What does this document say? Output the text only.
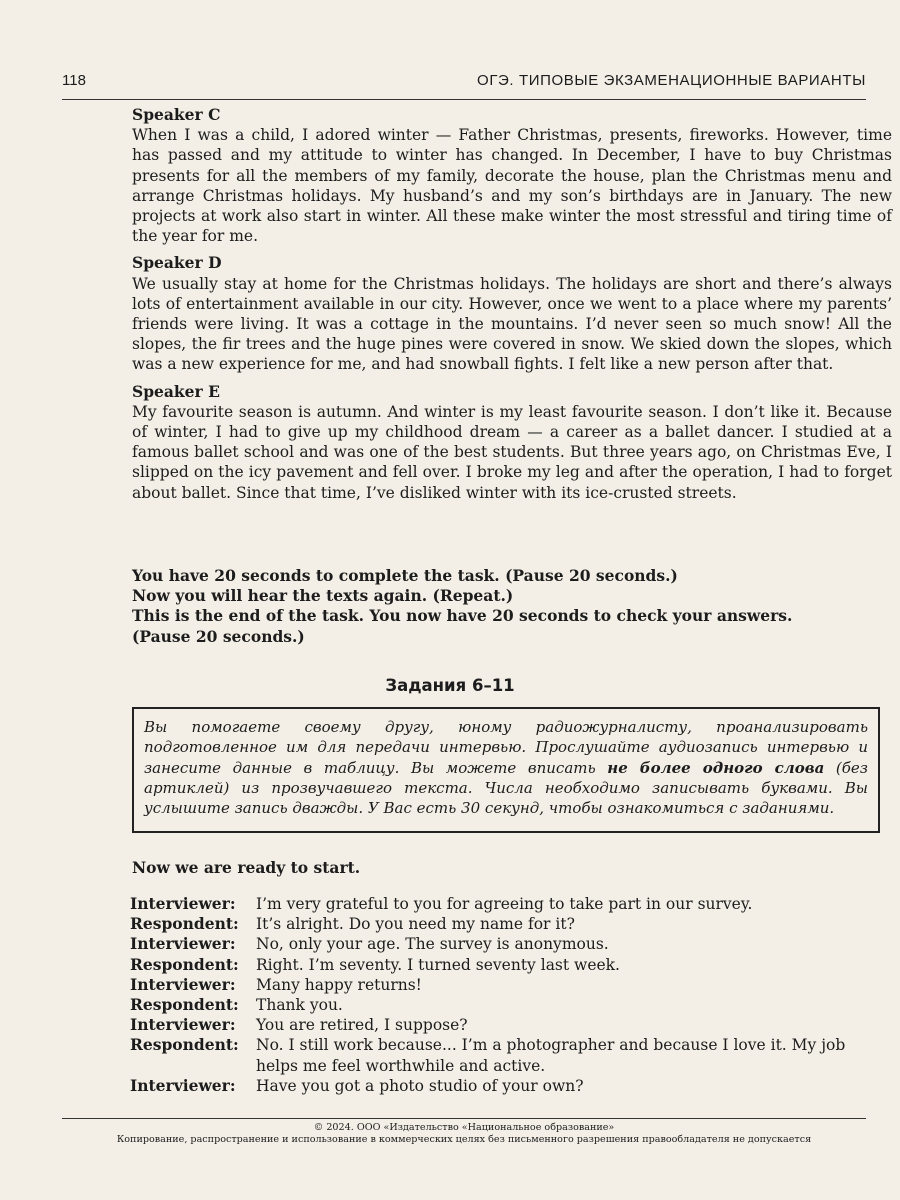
118	ОГЭ. ТИПОВЫЕ ЭКЗАМЕНАЦИОННЫЕ ВАРИАНТЫ
Speaker C
When I was a child, I adored winter — Father Christmas, presents, fireworks. However, time has passed and my attitude to winter has changed. In December, I have to buy Christmas presents for all the members of my family, decorate the house, plan the Christmas menu and arrange Christmas holidays. My husband’s and my son’s birthdays are in January. The new projects at work also start in winter. All these make winter the most stressful and tiring time of the year for me.
Speaker D
We usually stay at home for the Christmas holidays. The holidays are short and there’s always lots of entertainment available in our city. However, once we went to a place where my parents’ friends were living. It was a cottage in the mountains. I’d never seen so much snow! All the slopes, the fir trees and the huge pines were covered in snow. We skied down the slopes, which was a new experience for me, and had snowball fights. I felt like a new person after that.
Speaker E
My favourite season is autumn. And winter is my least favourite season. I don’t like it. Because of winter, I had to give up my childhood dream — a career as a ballet dancer. I studied at a famous ballet school and was one of the best students. But three years ago, on Christmas Eve, I slipped on the icy pavement and fell over. I broke my leg and after the operation, I had to forget about ballet. Since that time, I’ve disliked winter with its ice-crusted streets.
You have 20 seconds to complete the task. (Pause 20 seconds.)
Now you will hear the texts again. (Repeat.)
This is the end of the task. You now have 20 seconds to check your answers.
(Pause 20 seconds.)
Задания 6–11
Вы помогаете своему другу, юному радиожурналисту, проанализировать подготовленное им для передачи интервью. Прослушайте аудиозапись интервью и занесите данные в таблицу. Вы можете вписать не более одного слова (без артиклей) из прозвучавшего текста. Числа необходимо записывать буквами. Вы услышите запись дважды. У Вас есть 30 секунд, чтобы ознакомиться с заданиями.
Now we are ready to start.
Interviewer:	I’m very grateful to you for agreeing to take part in our survey.
Respondent:	It’s alright. Do you need my name for it?
Interviewer:	No, only your age. The survey is anonymous.
Respondent:	Right. I’m seventy. I turned seventy last week.
Interviewer:	Many happy returns!
Respondent:	Thank you.
Interviewer:	You are retired, I suppose?
Respondent:	No. I still work because... I’m a photographer and because I love it. My job helps me feel worthwhile and active.
Interviewer:	Have you got a photo studio of your own?
© 2024. ООО «Издательство «Национальное образование»
Копирование, распространение и использование в коммерческих целях без письменного разрешения правообладателя не допускается
